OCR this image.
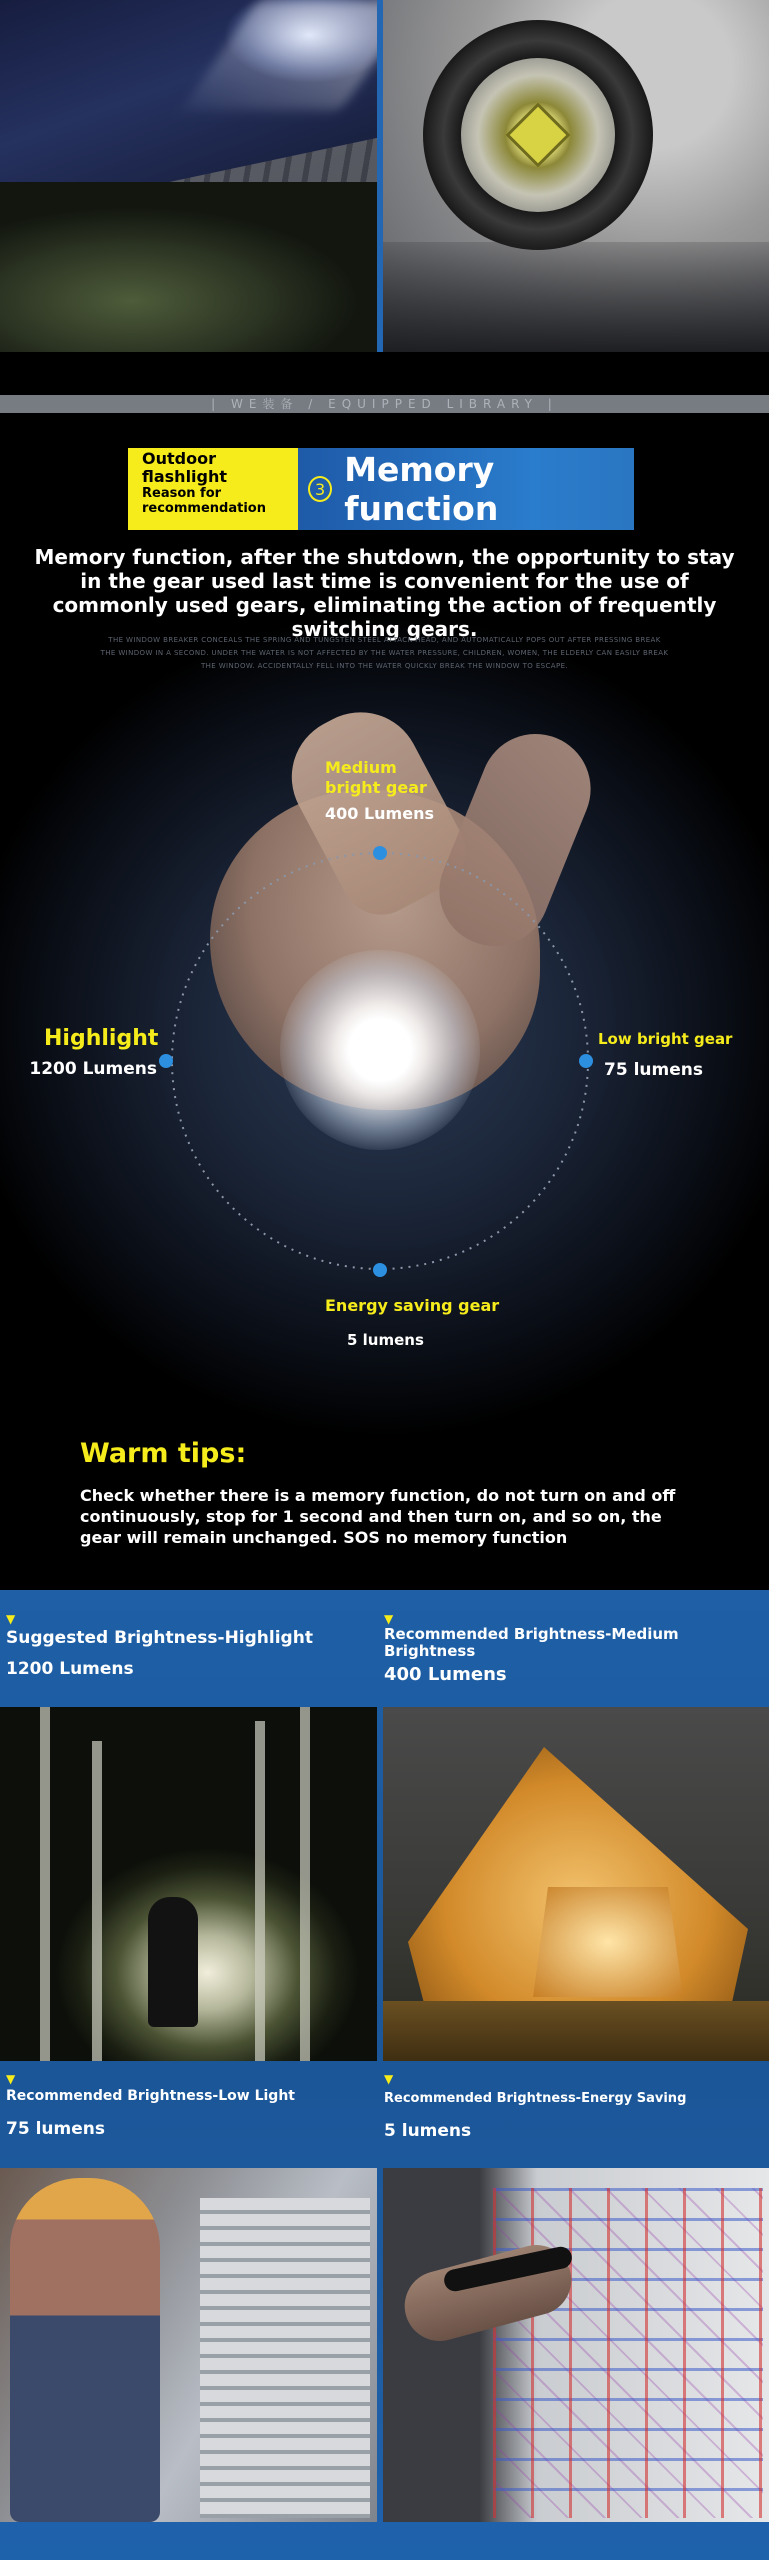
| WE装备 / EQUIPPED LIBRARY |
Outdoor
flashlight
Reason for recommendation
3 Memory function
Memory function, after the shutdown, the opportunity to stay in the gear used last time is convenient for the use of commonly used gears, eliminating the action of frequently switching gears.
THE WINDOW BREAKER CONCEALS THE SPRING AND TUNGSTEN STEEL ATTACK HEAD, AND AUTOMATICALLY POPS OUT AFTER PRESSING BREAK THE WINDOW IN A SECOND. UNDER THE WATER IS NOT AFFECTED BY THE WATER PRESSURE, CHILDREN, WOMEN, THE ELDERLY CAN EASILY BREAK THE WINDOW. ACCIDENTALLY FELL INTO THE WATER QUICKLY BREAK THE WINDOW TO ESCAPE.
Medium
bright gear
400 Lumens
Highlight
1200 Lumens
Low bright gear
75 lumens
Energy saving gear
5 lumens
Warm tips:
Check whether there is a memory function, do not turn on and off continuously, stop for 1 second and then turn on, and so on, the gear will remain unchanged. SOS no memory function
▼
Suggested Brightness-Highlight
1200 Lumens
▼
Recommended Brightness-Medium Brightness
400 Lumens
▼
Recommended Brightness-Low Light
75 lumens
▼
Recommended Brightness-Energy Saving
5 lumens
